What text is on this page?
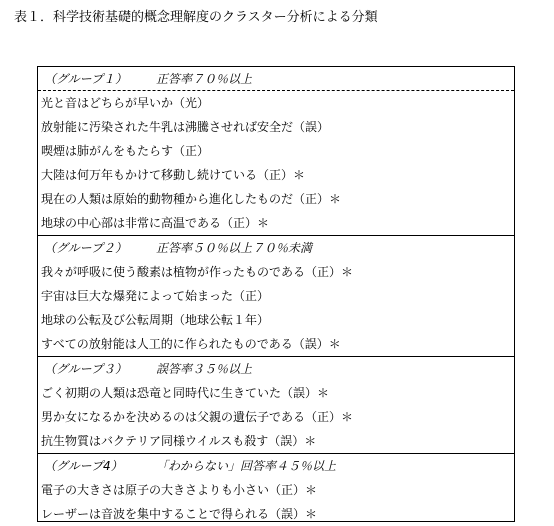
表１．科学技術基礎的概念理解度のクラスター分析による分類
（グループ１） 正答率７０％以上
光と音はどちらが早いか（光）
放射能に汚染された牛乳は沸騰させれば安全だ（誤）
喫煙は肺がんをもたらす（正）
大陸は何万年もかけて移動し続けている（正）＊
現在の人類は原始的動物種から進化したものだ（正）＊
地球の中心部は非常に高温である（正）＊
（グループ２） 正答率５０％以上７０％未満
我々が呼吸に使う酸素は植物が作ったものである（正）＊
宇宙は巨大な爆発によって始まった（正）
地球の公転及び公転周期（地球公転１年）
すべての放射能は人工的に作られたものである（誤）＊
（グループ３） 誤答率３５％以上
ごく初期の人類は恐竜と同時代に生きていた（誤）＊
男か女になるかを決めるのは父親の遺伝子である（正）＊
抗生物質はバクテリア同様ウイルスも殺す（誤）＊
（グループ4）	「わからない」回答率４５％以上
電子の大きさは原子の大きさよりも小さい（正）＊
レーザーは音波を集中することで得られる（誤）＊
